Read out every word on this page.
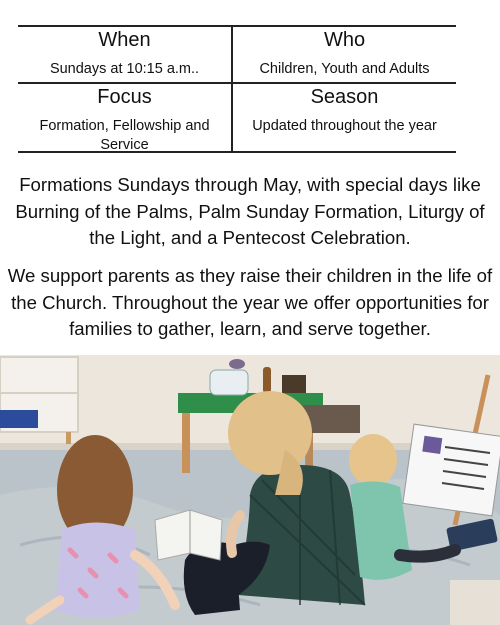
When
Sundays at 10:15 a.m..
Who
Children, Youth and Adults
Focus
Formation, Fellowship and Service
Season
Updated throughout the year

Formations Sundays through May, with special days like Burning of the Palms, Palm Sunday Formation, Liturgy of the Light, and a Pentecost Celebration.

We support parents as they raise their children in the life of the Church. Throughout the year we offer opportunities for families to gather, learn, and serve together.
